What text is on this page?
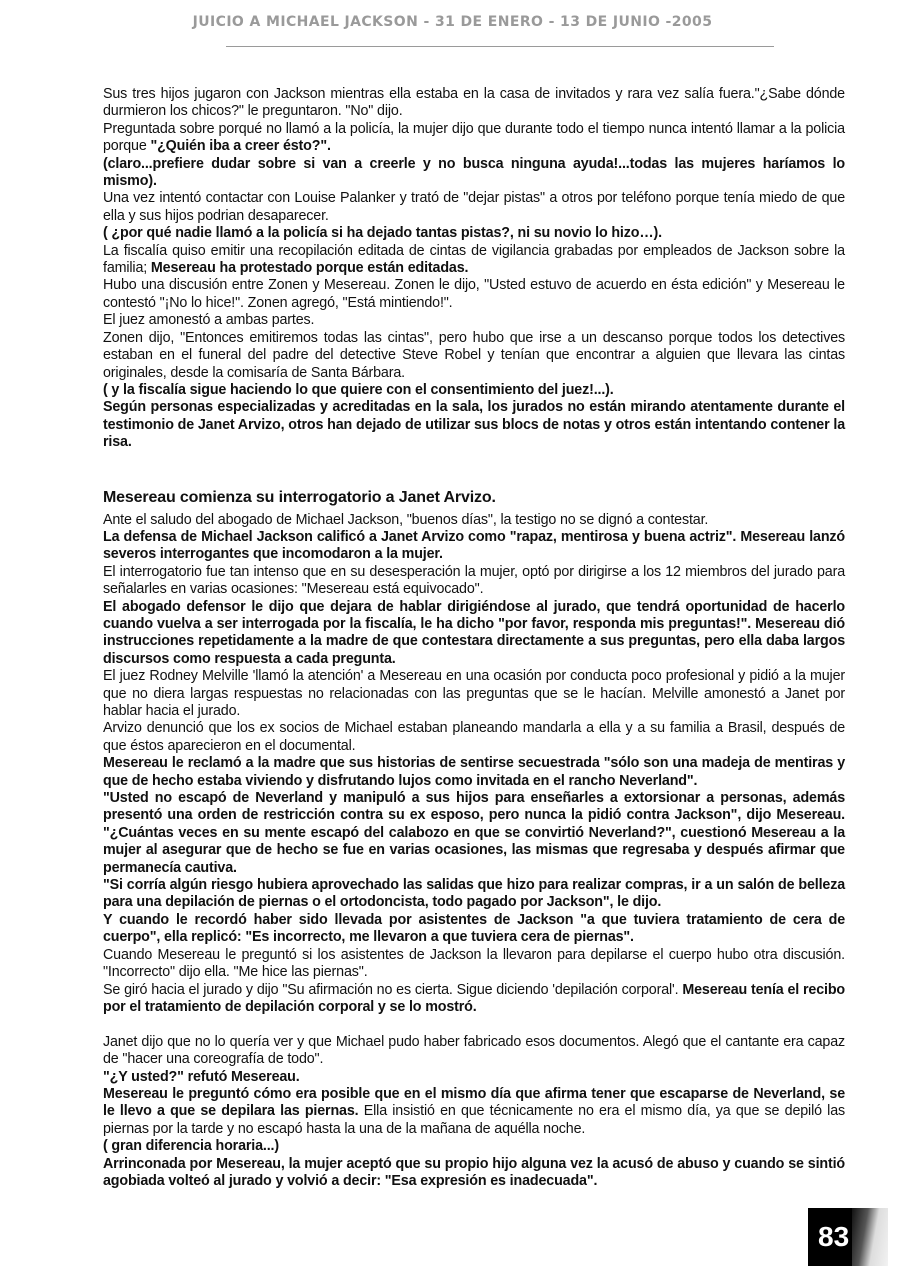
JUICIO A MICHAEL JACKSON - 31 DE ENERO - 13 DE JUNIO -2005

Sus tres hijos jugaron con Jackson mientras ella estaba en la casa de invitados y rara vez salía fuera."¿Sabe dónde durmieron los chicos?" le preguntaron. "No" dijo.

Preguntada sobre porqué no llamó a la policía, la mujer dijo que durante todo el tiempo nunca intentó llamar a la policia porque "¿Quién iba a creer ésto?".

(claro...prefiere dudar sobre si van a creerle y no busca ninguna ayuda!...todas las mujeres haríamos lo mismo).

Una vez intentó contactar con Louise Palanker y trató de "dejar pistas" a otros por teléfono porque tenía miedo de que ella y sus hijos podrian desaparecer.

( ¿por qué nadie llamó a la policía si ha dejado tantas pistas?, ni su novio lo hizo…).

La fiscalía quiso emitir una recopilación editada de cintas de vigilancia grabadas por empleados de Jackson sobre la familia; Mesereau ha protestado porque están editadas.

Hubo una discusión entre Zonen y Mesereau. Zonen le dijo, "Usted estuvo de acuerdo en ésta edición" y Mesereau le contestó "¡No lo hice!". Zonen agregó, "Está mintiendo!".

El juez amonestó a ambas partes.

Zonen dijo, "Entonces emitiremos todas las cintas", pero hubo que irse a un descanso porque todos los detectives estaban en el funeral del padre del detective Steve Robel y tenían que encontrar a alguien que llevara las cintas originales, desde la comisaría de Santa Bárbara.

( y la fiscalía sigue haciendo lo que quiere con el consentimiento del juez!...).

Según personas especializadas y acreditadas en la sala, los jurados no están mirando atentamente durante el testimonio de Janet Arvizo, otros han dejado de utilizar sus blocs de notas y otros están intentando contener la risa.

Mesereau comienza su interrogatorio a Janet Arvizo.

Ante el saludo del abogado de Michael Jackson, "buenos días", la testigo no se dignó a contestar.

La defensa de Michael Jackson calificó a Janet Arvizo como "rapaz, mentirosa y buena actriz". Mesereau lanzó severos interrogantes que incomodaron a la mujer.

El interrogatorio fue tan intenso que en su desesperación la mujer, optó por dirigirse a los 12 miembros del jurado para señalarles en varias ocasiones: "Mesereau está equivocado".

El abogado defensor le dijo que dejara de hablar dirigiéndose al jurado, que tendrá oportunidad de hacerlo cuando vuelva a ser interrogada por la fiscalía, le ha dicho "por favor, responda mis preguntas!". Mesereau dió instrucciones repetidamente a la madre de que contestara directamente a sus preguntas, pero ella daba largos discursos como respuesta a cada pregunta.

El juez Rodney Melville 'llamó la atención' a Mesereau en una ocasión por conducta poco profesional y pidió a la mujer que no diera largas respuestas no relacionadas con las preguntas que se le hacían. Melville amonestó a Janet por hablar hacia el jurado.

Arvizo denunció que los ex socios de Michael estaban planeando mandarla a ella y a su familia a Brasil, después de que éstos aparecieron en el documental.

Mesereau le reclamó a la madre que sus historias de sentirse secuestrada "sólo son una madeja de mentiras y que de hecho estaba viviendo y disfrutando lujos como invitada en el rancho Neverland".

"Usted no escapó de Neverland y manipuló a sus hijos para enseñarles a extorsionar a personas, además presentó una orden de restricción contra su ex esposo, pero nunca la pidió contra Jackson", dijo Mesereau. "¿Cuántas veces en su mente escapó del calabozo en que se convirtió Neverland?", cuestionó Mesereau a la mujer al asegurar que de hecho se fue en varias ocasiones, las mismas que regresaba y después afirmar que permanecía cautiva.

"Si corría algún riesgo hubiera aprovechado las salidas que hizo para realizar compras, ir a un salón de belleza para una depilación de piernas o el ortodoncista, todo pagado por Jackson", le dijo.

Y cuando le recordó haber sido llevada por asistentes de Jackson "a que tuviera tratamiento de cera de cuerpo", ella replicó: "Es incorrecto, me llevaron a que tuviera cera de piernas".

Cuando Mesereau le preguntó si los asistentes de Jackson la llevaron para depilarse el cuerpo hubo otra discusión. "Incorrecto" dijo ella. "Me hice las piernas".

Se giró hacia el jurado y dijo "Su afirmación no es cierta. Sigue diciendo 'depilación corporal'. Mesereau tenía el recibo por el tratamiento de depilación corporal y se lo mostró.

Janet dijo que no lo quería ver y que Michael pudo haber fabricado esos documentos. Alegó que el cantante era capaz de "hacer una coreografía de todo".

"¿Y usted?" refutó Mesereau.

Mesereau le preguntó cómo era posible que en el mismo día que afirma tener que escaparse de Neverland, se le llevo a que se depilara las piernas. Ella insistió en que técnicamente no era el mismo día, ya que se depiló las piernas por la tarde y no escapó hasta la una de la mañana de aquélla noche.

( gran diferencia horaria...)

Arrinconada por Mesereau, la mujer aceptó que su propio hijo alguna vez la acusó de abuso y cuando se sintió agobiada volteó al jurado y volvió a decir: "Esa expresión es inadecuada".

83
